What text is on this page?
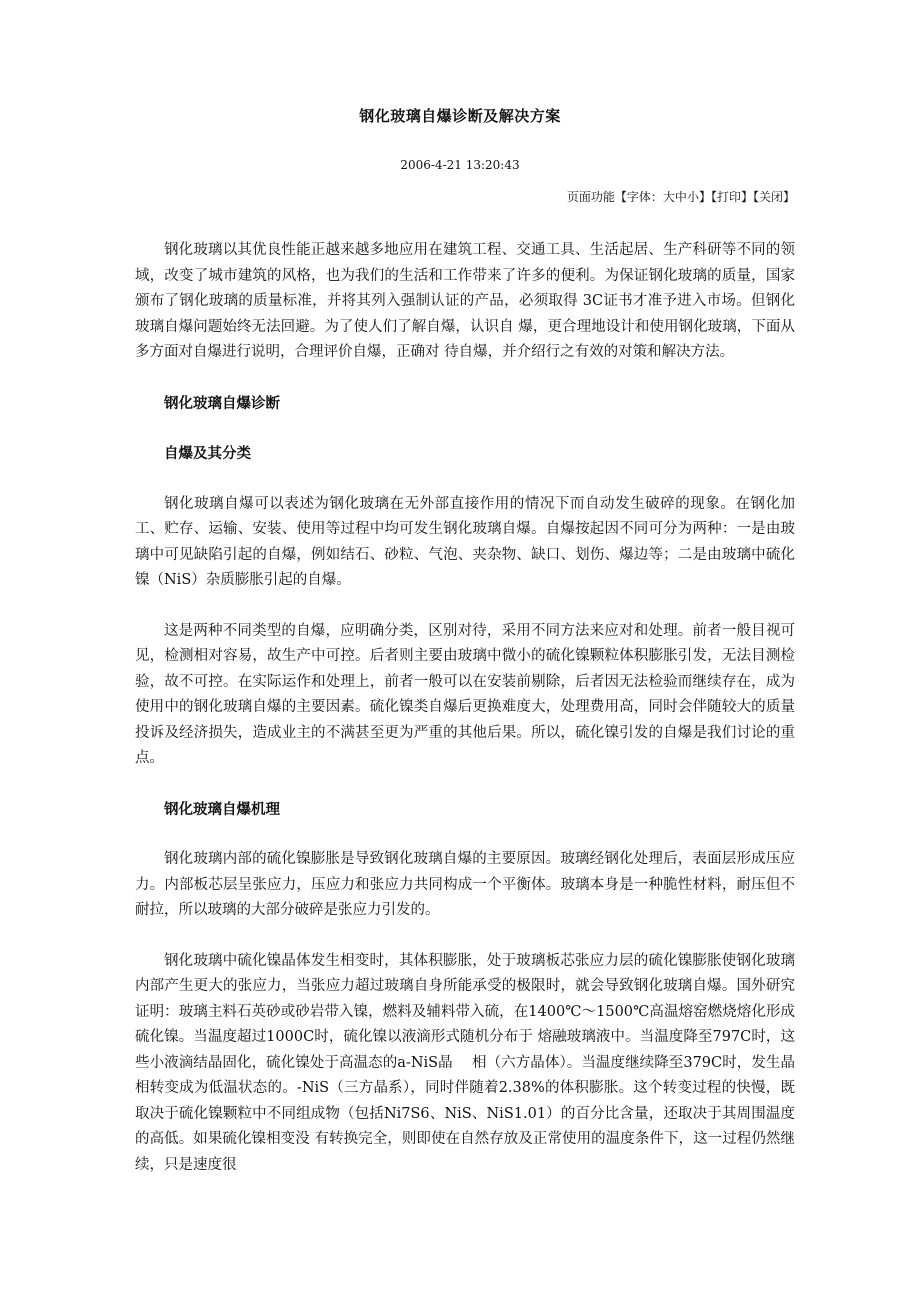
钢化玻璃自爆诊断及解决方案
2006-4-21 13:20:43
页面功能【字体：大中小】【打印】【关闭】

钢化玻璃以其优良性能正越来越多地应用在建筑工程、交通工具、生活起居、生产科研等不同的领域，改变了城市建筑的风格，也为我们的生活和工作带来了许多的便利。为保证钢化玻璃的质量，国家颁布了钢化玻璃的质量标准，并将其列入强制认证的产品，必须取得 3C证书才准予进入市场。但钢化玻璃自爆问题始终无法回避。为了使人们了解自爆，认识自 爆，更合理地设计和使用钢化玻璃，下面从多方面对自爆进行说明，合理评价自爆，正确对 待自爆，并介绍行之有效的对策和解决方法。

钢化玻璃自爆诊断
自爆及其分类

钢化玻璃自爆可以表述为钢化玻璃在无外部直接作用的情况下而自动发生破碎的现象。在钢化加工、贮存、运输、安装、使用等过程中均可发生钢化玻璃自爆。自爆按起因不同可分为两种：一是由玻璃中可见缺陷引起的自爆，例如结石、砂粒、气泡、夹杂物、缺口、划伤、爆边等；二是由玻璃中硫化镍（NiS）杂质膨胀引起的自爆。

这是两种不同类型的自爆，应明确分类，区别对待，采用不同方法来应对和处理。前者一般目视可见，检测相对容易，故生产中可控。后者则主要由玻璃中微小的硫化镍颗粒体积膨胀引发，无法目测检验，故不可控。在实际运作和处理上，前者一般可以在安装前剔除，后者因无法检验而继续存在，成为使用中的钢化玻璃自爆的主要因素。硫化镍类自爆后更换难度大，处理费用高，同时会伴随较大的质量投诉及经济损失，造成业主的不满甚至更为严重的其他后果。所以，硫化镍引发的自爆是我们讨论的重点。

钢化玻璃自爆机理

钢化玻璃内部的硫化镍膨胀是导致钢化玻璃自爆的主要原因。玻璃经钢化处理后，表面层形成压应力。内部板芯层呈张应力，压应力和张应力共同构成一个平衡体。玻璃本身是一种脆性材料，耐压但不耐拉，所以玻璃的大部分破碎是张应力引发的。

钢化玻璃中硫化镍晶体发生相变时，其体积膨胀，处于玻璃板芯张应力层的硫化镍膨胀使钢化玻璃内部产生更大的张应力，当张应力超过玻璃自身所能承受的极限时，就会导致钢化玻璃自爆。国外研究证明：玻璃主料石英砂或砂岩带入镍，燃料及辅料带入硫，在1400℃～1500℃高温熔窑燃烧熔化形成硫化镍。当温度超过1000C时，硫化镍以液滴形式随机分布于 熔融玻璃液中。当温度降至797C时，这些小液滴结晶固化，硫化镍处于高温态的a-NiS晶　 相（六方晶体）。当温度继续降至379C时，发生晶相转变成为低温状态的。-NiS（三方晶系），同时伴随着2.38%的体积膨胀。这个转变过程的快慢，既取决于硫化镍颗粒中不同组成物（包括Ni7S6、NiS、NiS1.01）的百分比含量，还取决于其周围温度的高低。如果硫化镍相变没 有转换完全，则即使在自然存放及正常使用的温度条件下，这一过程仍然继续，只是速度很
